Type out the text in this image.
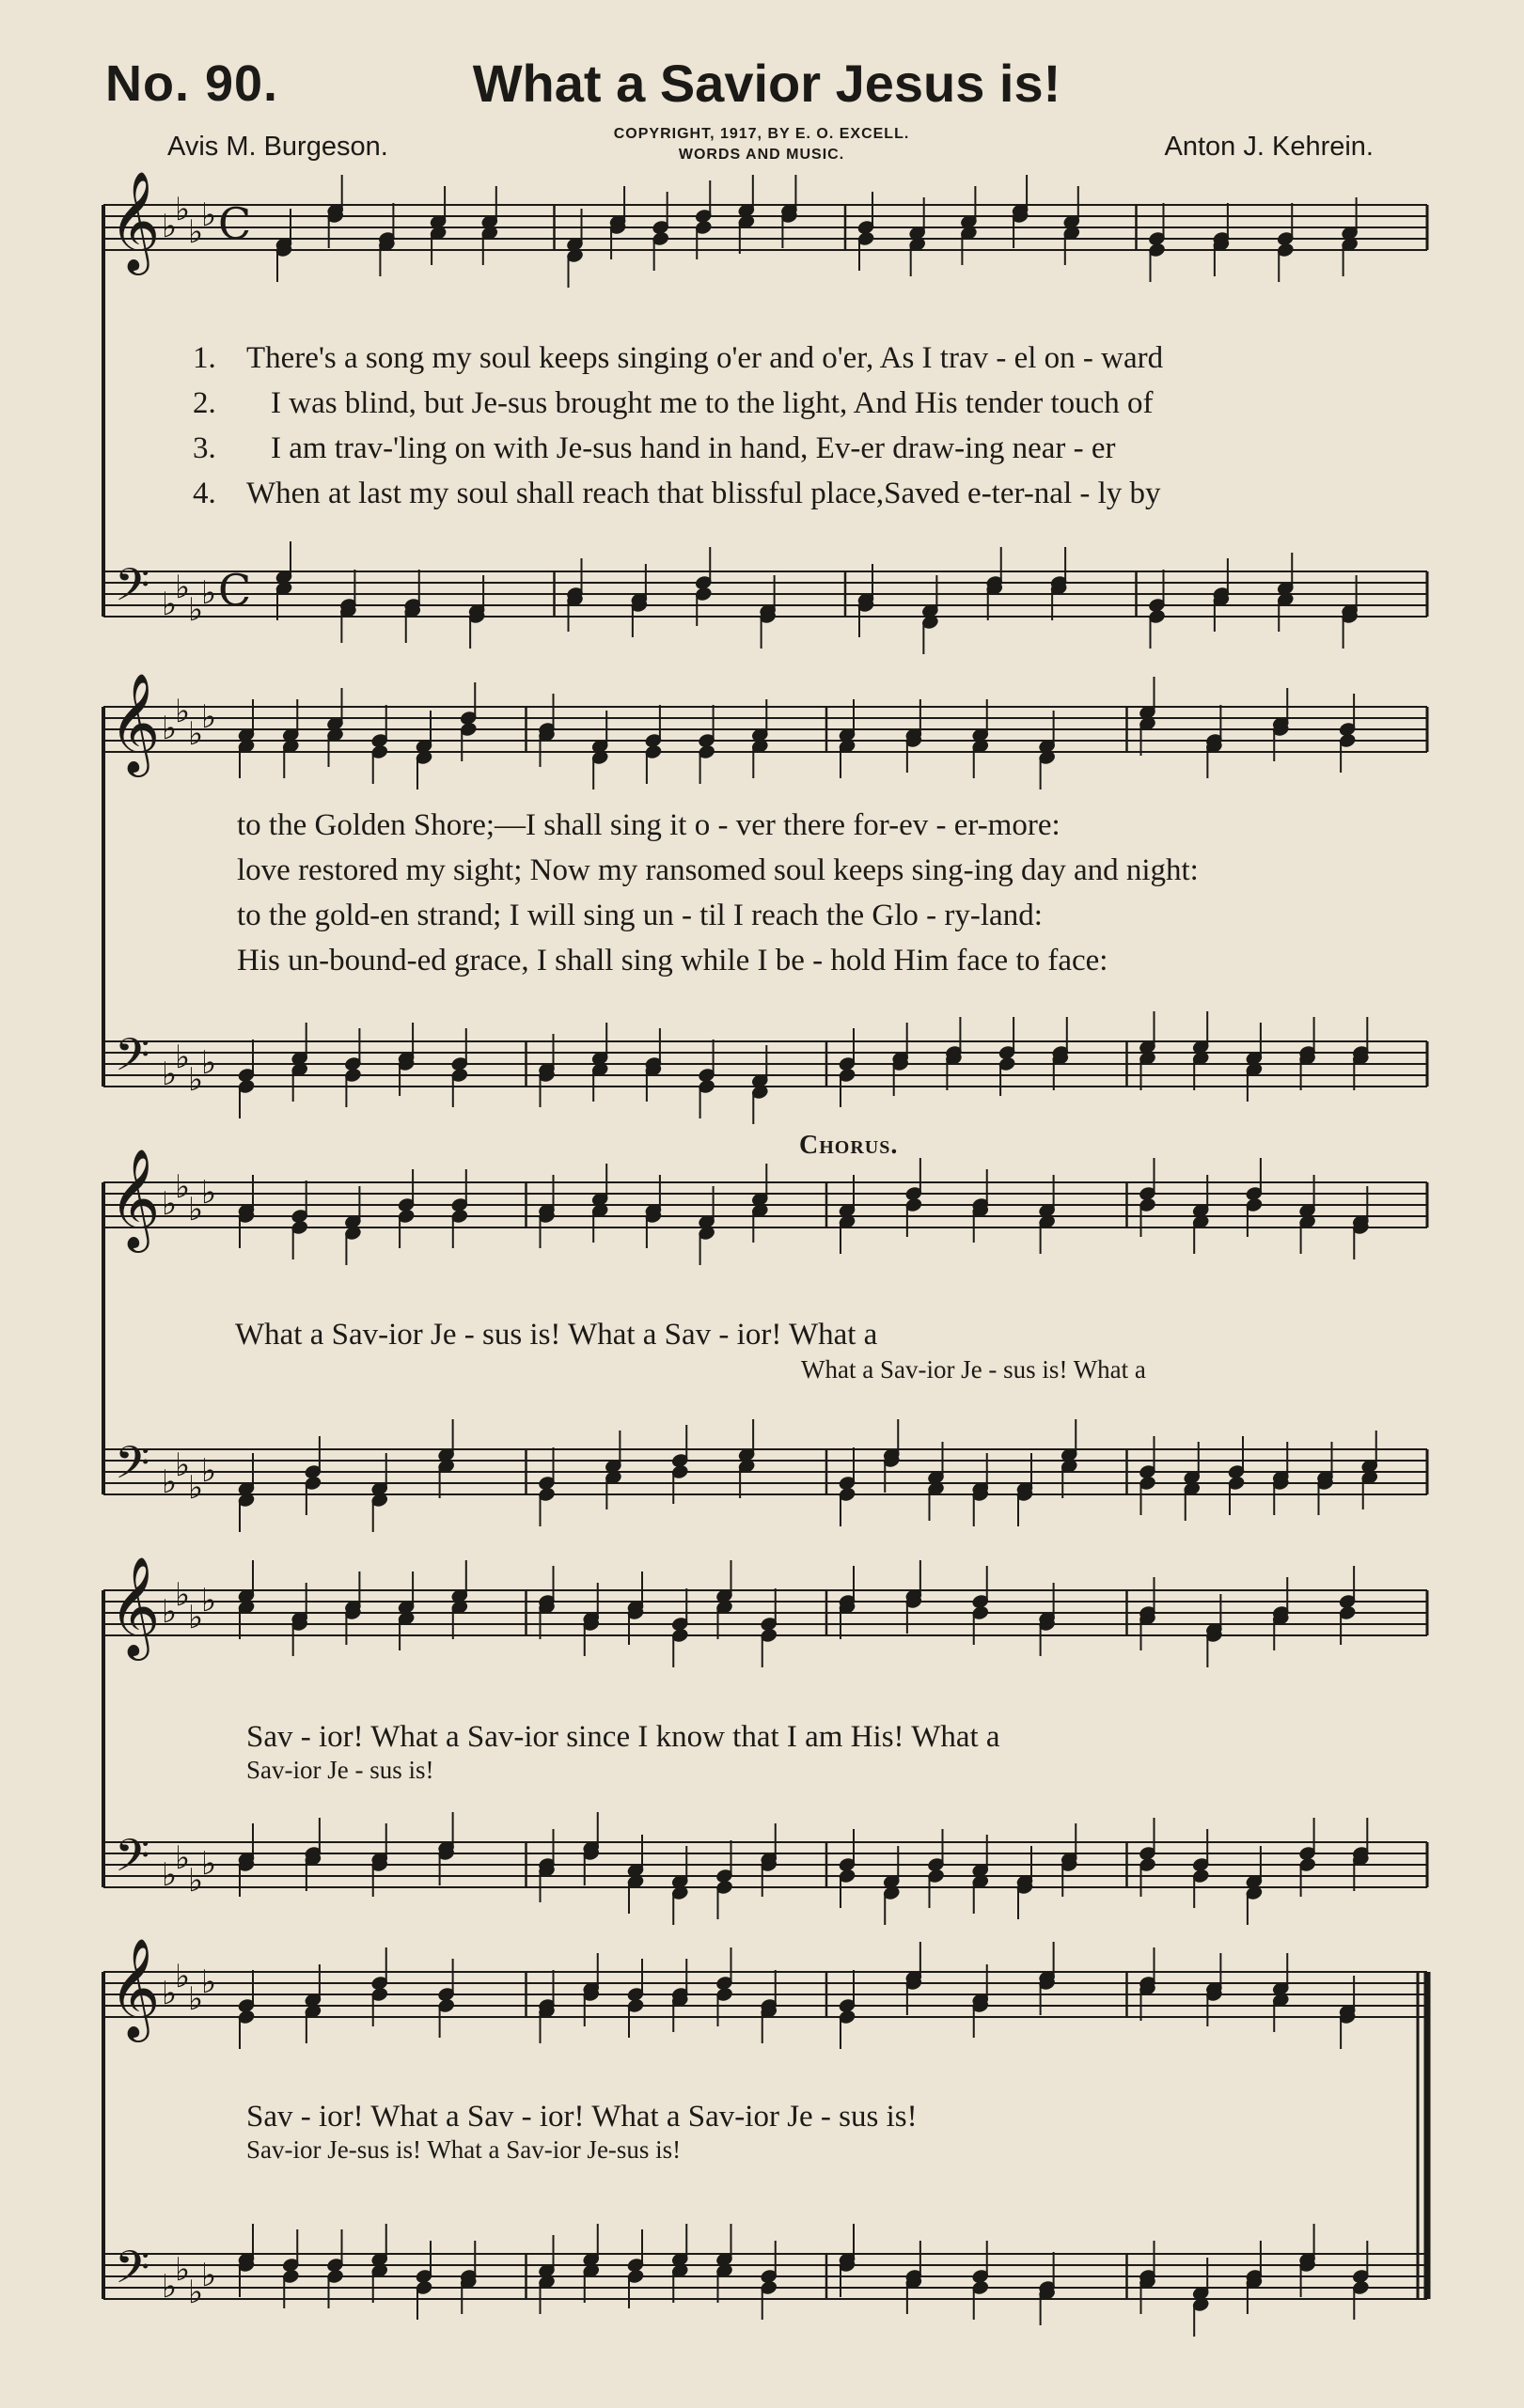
No. 90.	What a Savior Jesus is!
Avis M. Burgeson.	COPYRIGHT, 1917, BY E. O. EXCELL.
WORDS AND MUSIC.	Anton J. Kehrein.
𝄞
𝄢
♭
♭
♭
♭
♭
♭
♭
♭
C
C
𝄞
𝄢
♭
♭
♭
♭
♭
♭
♭
♭
𝄞
𝄢
♭
♭
♭
♭
♭
♭
♭
♭
𝄞
𝄢
♭
♭
♭
♭
♭
♭
♭
♭
𝄞
𝄢
♭
♭
♭
♭
♭
♭
♭
♭
1. There's a song my soul keeps singing o'er and o'er, As I trav - el on - ward
2. I was blind, but Je-sus brought me to the light, And His tender touch of
3. I am trav-'ling on with Je-sus hand in hand, Ev-er draw-ing near - er
4. When at last my soul shall reach that blissful place,Saved e-ter-nal - ly by
to the Golden Shore;—I shall sing it o - ver there for-ev - er-more:
love restored my sight; Now my ransomed soul keeps sing-ing day and night:
to the gold-en strand; I will sing un - til I reach the Glo - ry-land:
His un-bound-ed grace, I shall sing while I be - hold Him face to face:
Chorus.
What a Sav-ior Je - sus is! What a Sav - ior! What a
What a Sav-ior Je - sus is! What a
Sav - ior! What a Sav-ior since I know that I am His! What a
Sav-ior Je - sus is!
Sav - ior! What a Sav - ior! What a Sav-ior Je - sus is!
Sav-ior Je-sus is! What a Sav-ior Je-sus is!
